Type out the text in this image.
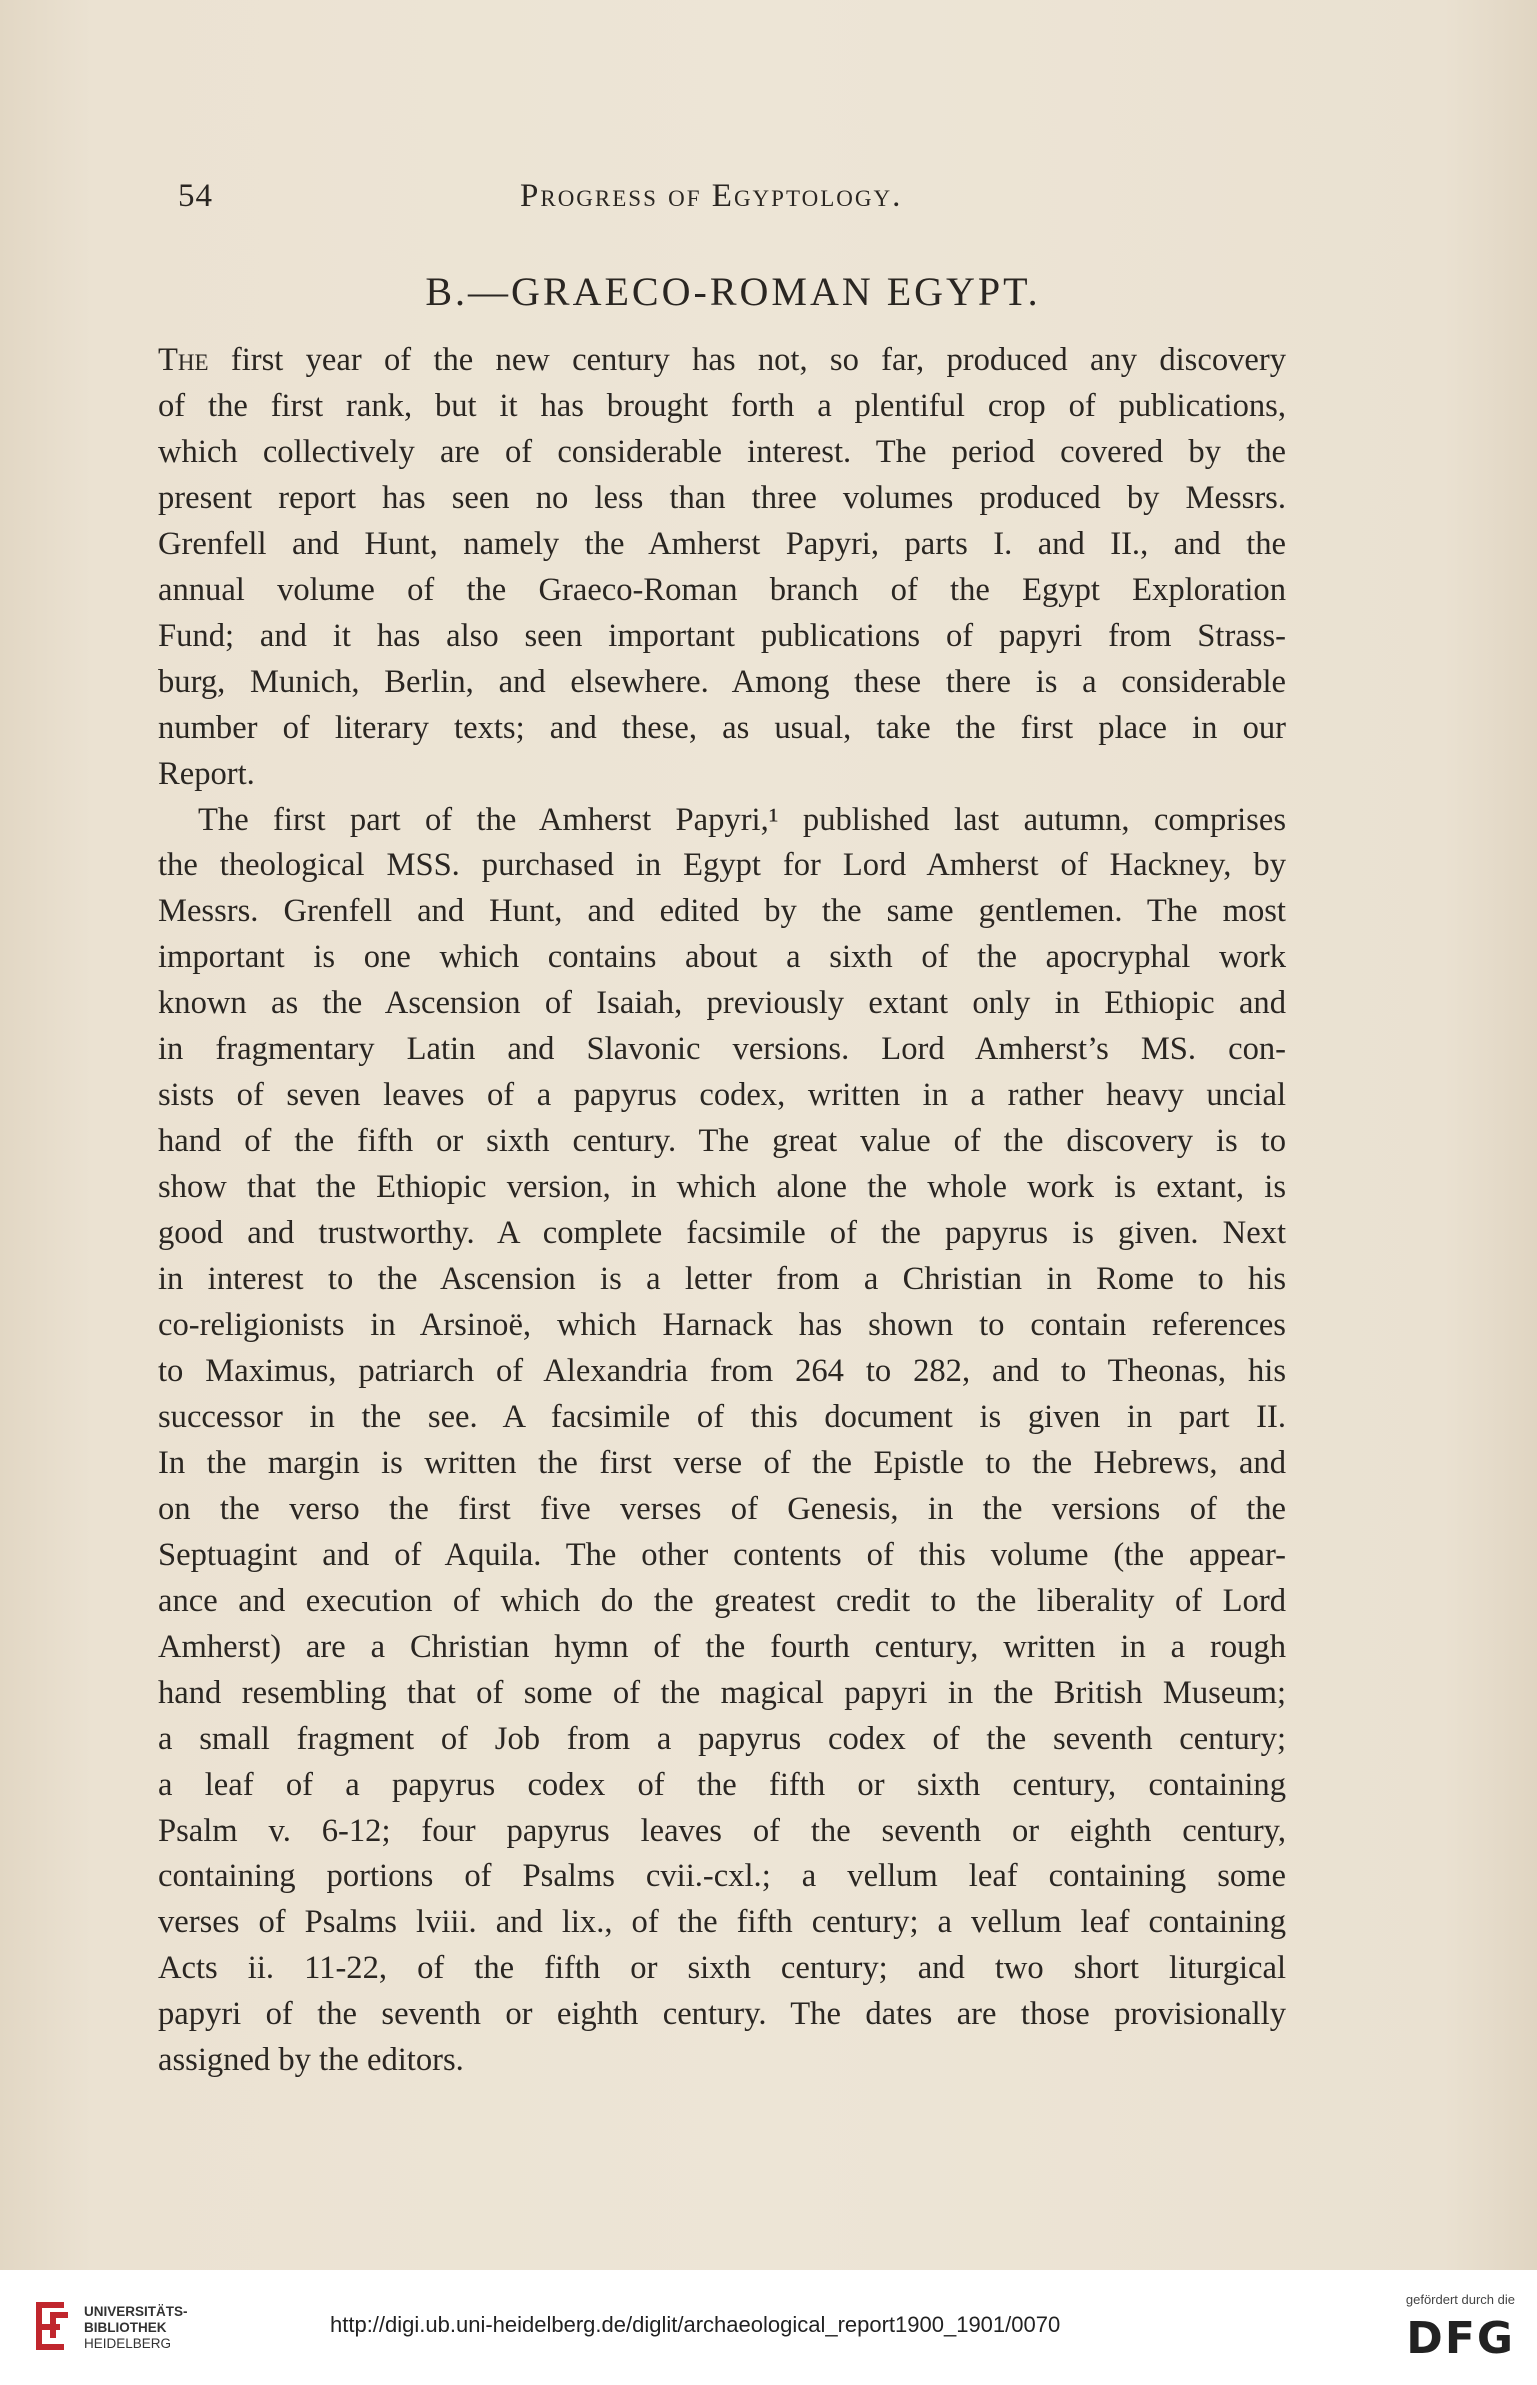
54	Progress of Egyptology.
B.—GRAECO-ROMAN EGYPT.

The first year of the new century has not, so far, produced any discovery
of the first rank, but it has brought forth a plentiful crop of publications,
which collectively are of considerable interest. The period covered by the
present report has seen no less than three volumes produced by Messrs.
Grenfell and Hunt, namely the Amherst Papyri, parts I. and II., and the
annual volume of the Graeco-Roman branch of the Egypt Exploration
Fund; and it has also seen important publications of papyri from Strass-
burg, Munich, Berlin, and elsewhere. Among these there is a considerable
number of literary texts; and these, as usual, take the first place in our
Report.

The first part of the Amherst Papyri,¹ published last autumn, comprises
the theological MSS. purchased in Egypt for Lord Amherst of Hackney, by
Messrs. Grenfell and Hunt, and edited by the same gentlemen. The most
important is one which contains about a sixth of the apocryphal work
known as the Ascension of Isaiah, previously extant only in Ethiopic and
in fragmentary Latin and Slavonic versions. Lord Amherst’s MS. con-
sists of seven leaves of a papyrus codex, written in a rather heavy uncial
hand of the fifth or sixth century. The great value of the discovery is to
show that the Ethiopic version, in which alone the whole work is extant, is
good and trustworthy. A complete facsimile of the papyrus is given. Next
in interest to the Ascension is a letter from a Christian in Rome to his
co-religionists in Arsinoë, which Harnack has shown to contain references
to Maximus, patriarch of Alexandria from 264 to 282, and to Theonas, his
successor in the see. A facsimile of this document is given in part II.
In the margin is written the first verse of the Epistle to the Hebrews, and
on the verso the first five verses of Genesis, in the versions of the
Septuagint and of Aquila. The other contents of this volume (the appear-
ance and execution of which do the greatest credit to the liberality of Lord
Amherst) are a Christian hymn of the fourth century, written in a rough
hand resembling that of some of the magical papyri in the British Museum;
a small fragment of Job from a papyrus codex of the seventh century;
a leaf of a papyrus codex of the fifth or sixth century, containing
Psalm v. 6-12; four papyrus leaves of the seventh or eighth century,
containing portions of Psalms cvii.-cxl.; a vellum leaf containing some
verses of Psalms lviii. and lix., of the fifth century; a vellum leaf containing
Acts ii. 11-22, of the fifth or sixth century; and two short liturgical
papyri of the seventh or eighth century. The dates are those provisionally
assigned by the editors.

UNIVERSITÄTS-
BIBLIOTHEK
HEIDELBERG
http://digi.ub.uni-heidelberg.de/diglit/archaeological_report1900_1901/0070
gefördert durch die
DFG
